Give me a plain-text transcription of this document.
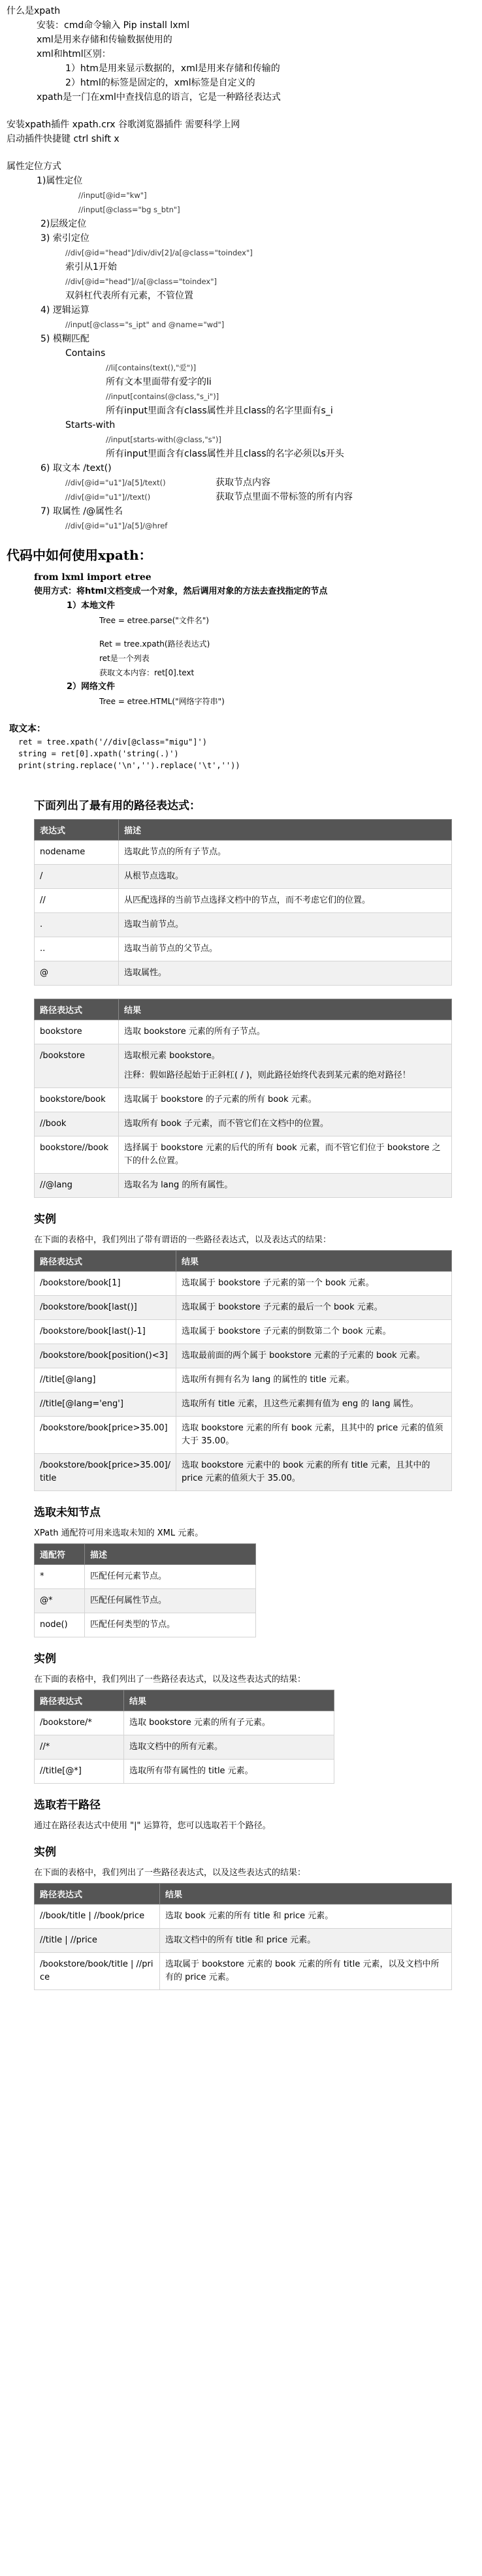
什么是xpath
安装：cmd命令输入 Pip install lxml
xml是用来存储和传输数据使用的
xml和html区别：
1）htm是用来显示数据的，xml是用来存储和传输的
2）html的标签是固定的，xml标签是自定义的
xpath是一门在xml中查找信息的语言，它是一种路径表达式
安装xpath插件 xpath.crx 谷歌浏览器插件 需要科学上网
启动插件快捷键 ctrl shift x
属性定位方式
1)属性定位
//input[@id="kw"]
//input[@class="bg s_btn"]
2)层级定位
3) 索引定位
//div[@id="head"]/div/div[2]/a[@class="toindex"]
索引从1开始
//div[@id="head"]//a[@class="toindex"]
双斜杠代表所有元素，不管位置
4) 逻辑运算
//input[@class="s_ipt" and @name="wd"]
5) 模糊匹配
Contains
//li[contains(text(),"爱")]
所有文本里面带有爱字的li
//input[contains(@class,"s_i")]
所有input里面含有class属性并且class的名字里面有s_i
Starts-with
//input[starts-with(@class,"s")]
所有input里面含有class属性并且class的名字必须以s开头
6) 取文本 /text()
//div[@id="u1"]/a[5]/text()	获取节点内容
//div[@id="u1"]//text()	获取节点里面不带标签的所有内容
7) 取属性 /@属性名
//div[@id="u1"]/a[5]/@href
代码中如何使用xpath：
from lxml import etree
使用方式：将html文档变成一个对象，然后调用对象的方法去查找指定的节点
1）本地文件
Tree = etree.parse("文件名")
Ret = tree.xpath(路径表达式)
ret是一个列表
获取文本内容：ret[0].text
2）网络文件
Tree = etree.HTML("网络字符串")
取文本：
ret = tree.xpath('//div[@class="migu"]')
string = ret[0].xpath('string(.)')
print(string.replace('\n','').replace('\t',''))
下面列出了最有用的路径表达式：
表达式	描述
nodename	选取此节点的所有子节点。
/	从根节点选取。
//	从匹配选择的当前节点选择文档中的节点，而不考虑它们的位置。
.	选取当前节点。
..	选取当前节点的父节点。
@	选取属性。
路径表达式	结果
bookstore	选取 bookstore 元素的所有子节点。

/bookstore	选取根元素 bookstore。
注释：假如路径起始于正斜杠( / )，则此路径始终代表到某元素的绝对路径！

bookstore/book	选取属于 bookstore 的子元素的所有 book 元素。

//book	选取所有 book 子元素，而不管它们在文档中的位置。

bookstore//book	选择属于 bookstore 元素的后代的所有 book 元素，而不管它们位于 bookstore 之下的什么位置。

//@lang	选取名为 lang 的所有属性。
实例

在下面的表格中，我们列出了带有谓语的一些路径表达式，以及表达式的结果：

路径表达式	结果
/bookstore/book[1]	选取属于 bookstore 子元素的第一个 book 元素。
/bookstore/book[last()]	选取属于 bookstore 子元素的最后一个 book 元素。
/bookstore/book[last()-1]	选取属于 bookstore 子元素的倒数第二个 book 元素。
/bookstore/book[position()<3]	选取最前面的两个属于 bookstore 元素的子元素的 book 元素。
//title[@lang]	选取所有拥有名为 lang 的属性的 title 元素。
//title[@lang='eng']	选取所有 title 元素，且这些元素拥有值为 eng 的 lang 属性。
/bookstore/book[price>35.00]	选取 bookstore 元素的所有 book 元素，且其中的 price 元素的值须大于 35.00。
/bookstore/book[price>35.00]/title	选取 bookstore 元素中的 book 元素的所有 title 元素，且其中的 price 元素的值须大于 35.00。
选取未知节点

XPath 通配符可用来选取未知的 XML 元素。

通配符	描述
*	匹配任何元素节点。
@*	匹配任何属性节点。
node()	匹配任何类型的节点。
实例

在下面的表格中，我们列出了一些路径表达式，以及这些表达式的结果：

路径表达式	结果
/bookstore/*	选取 bookstore 元素的所有子元素。
//*	选取文档中的所有元素。
//title[@*]	选取所有带有属性的 title 元素。
选取若干路径

通过在路径表达式中使用 "|" 运算符，您可以选取若干个路径。

实例

在下面的表格中，我们列出了一些路径表达式，以及这些表达式的结果：

路径表达式	结果
//book/title | //book/price	选取 book 元素的所有 title 和 price 元素。
//title | //price	选取文档中的所有 title 和 price 元素。
/bookstore/book/title | //price	选取属于 bookstore 元素的 book 元素的所有 title 元素，以及文档中所有的 price 元素。
